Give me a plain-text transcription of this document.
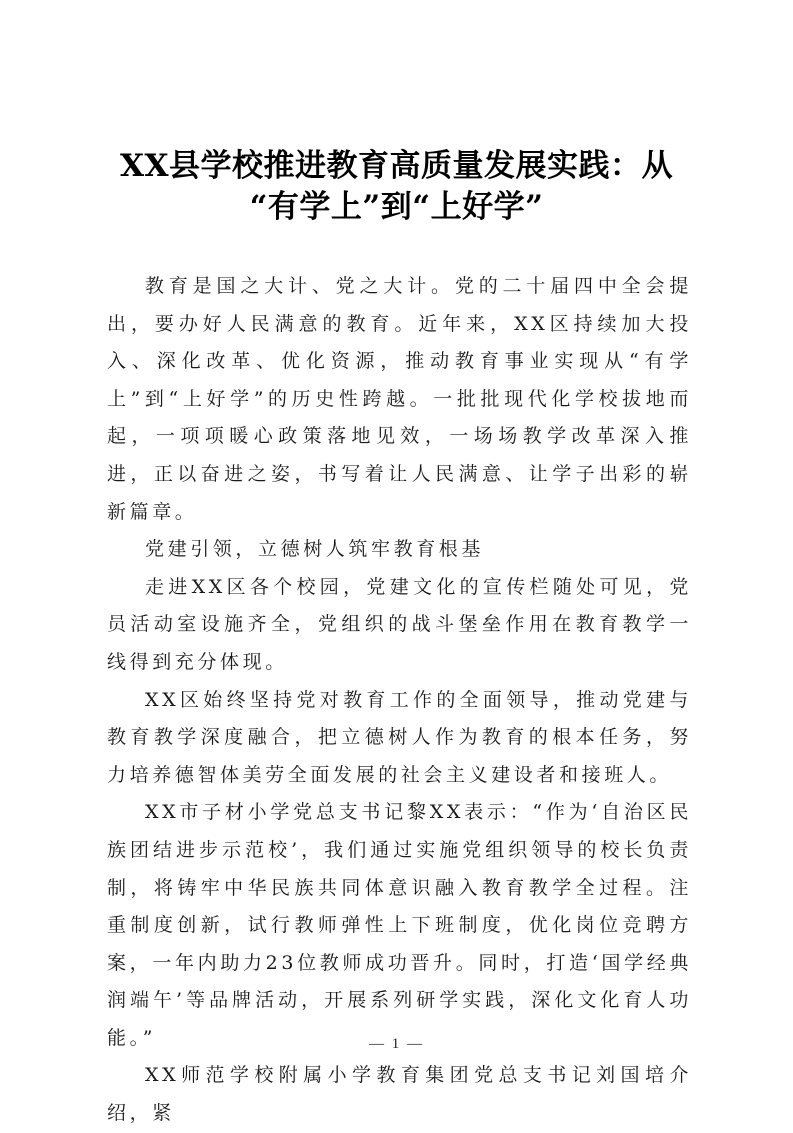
XX县学校推进教育高质量发展实践：从
“有学上”到“上好学”

教育是国之大计、党之大计。党的二十届四中全会提出，要办好人民满意的教育。近年来，XX区持续加大投入、深化改革、优化资源，推动教育事业实现从“有学上”到“上好学”的历史性跨越。一批批现代化学校拔地而起，一项项暖心政策落地见效，一场场教学改革深入推进，正以奋进之姿，书写着让人民满意、让学子出彩的崭新篇章。

党建引领，立德树人筑牢教育根基

走进XX区各个校园，党建文化的宣传栏随处可见，党员活动室设施齐全，党组织的战斗堡垒作用在教育教学一线得到充分体现。

XX区始终坚持党对教育工作的全面领导，推动党建与教育教学深度融合，把立德树人作为教育的根本任务，努力培养德智体美劳全面发展的社会主义建设者和接班人。

XX市子材小学党总支书记黎XX表示：“作为‘自治区民族团结进步示范校’，我们通过实施党组织领导的校长负责制，将铸牢中华民族共同体意识融入教育教学全过程。注重制度创新，试行教师弹性上下班制度，优化岗位竞聘方案，一年内助力23位教师成功晋升。同时，打造‘国学经典润端午’等品牌活动，开展系列研学实践，深化文化育人功能。”

XX师范学校附属小学教育集团党总支书记刘国培介绍，紧

— 1 —
